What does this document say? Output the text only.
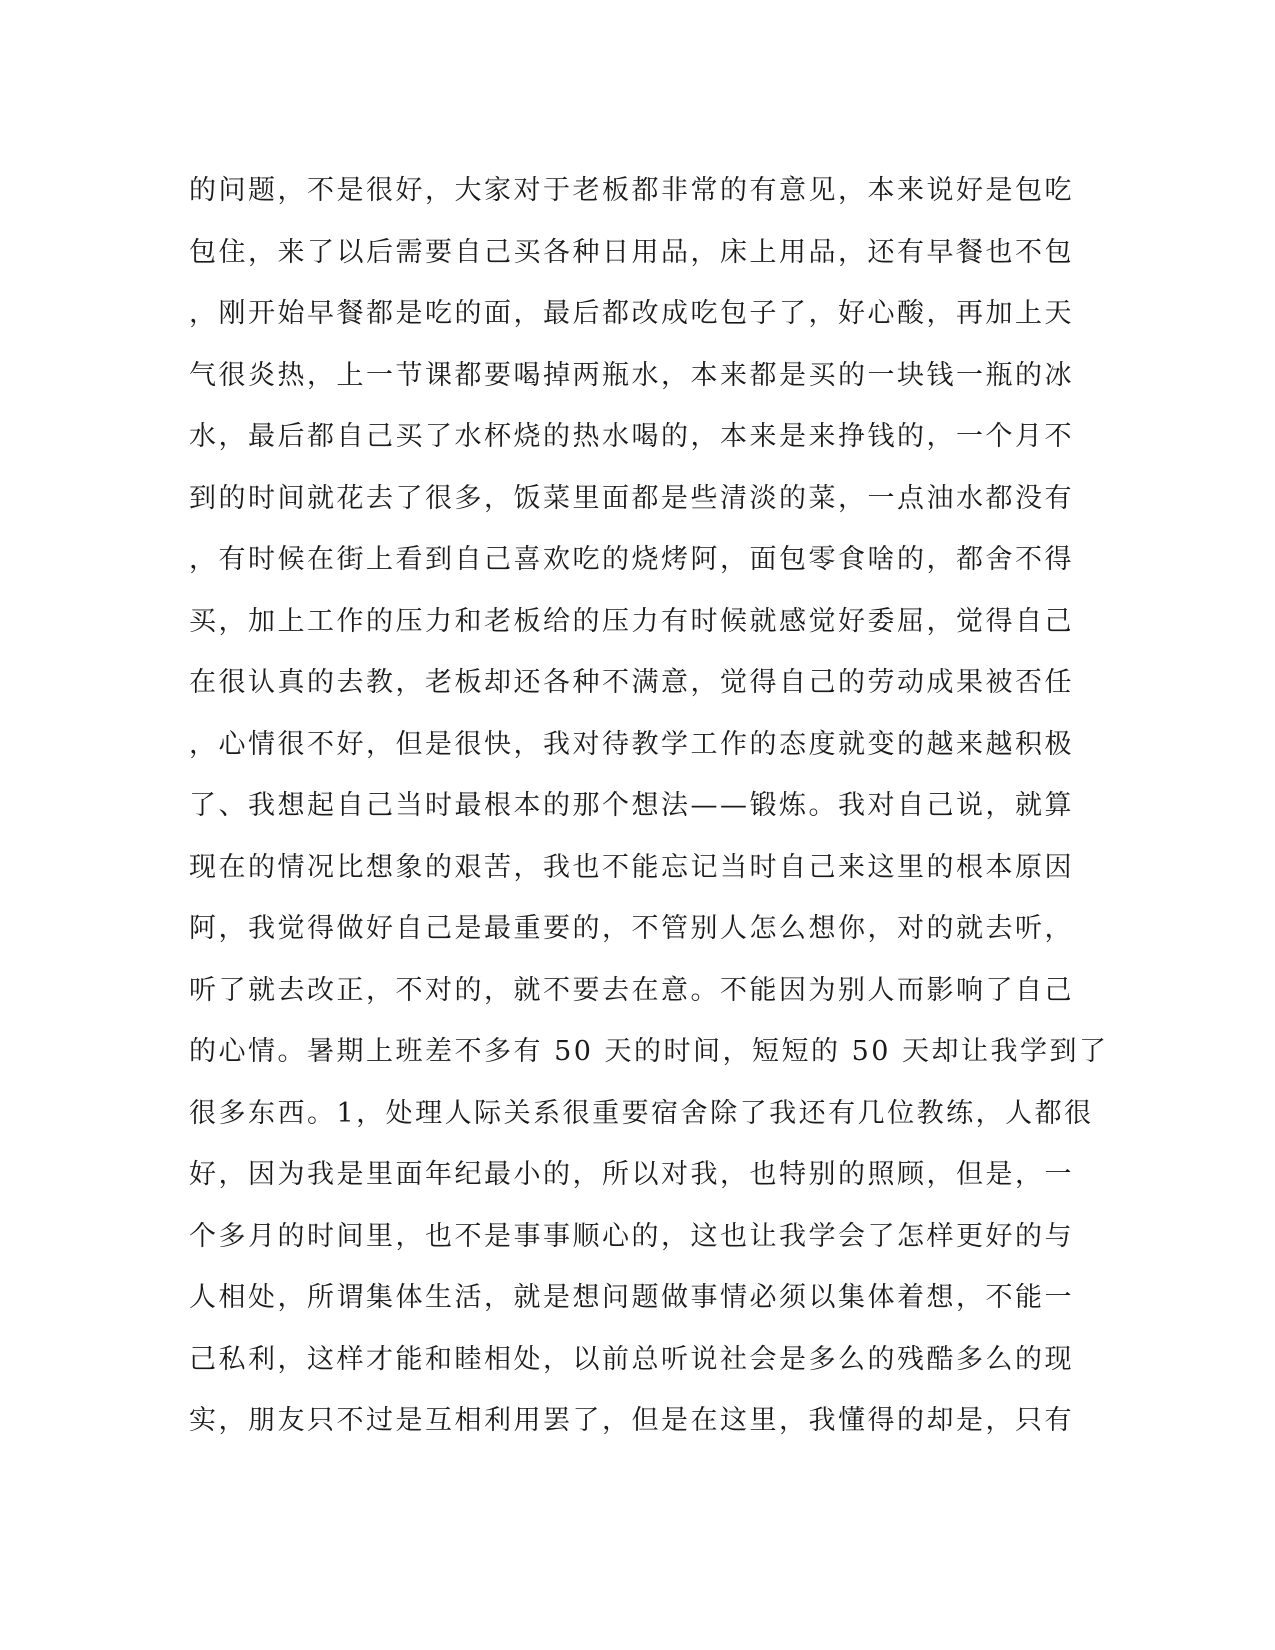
的问题，不是很好，大家对于老板都非常的有意见，本来说好是包吃
包住，来了以后需要自己买各种日用品，床上用品，还有早餐也不包
，刚开始早餐都是吃的面，最后都改成吃包子了，好心酸，再加上天
气很炎热，上一节课都要喝掉两瓶水，本来都是买的一块钱一瓶的冰
水，最后都自己买了水杯烧的热水喝的，本来是来挣钱的，一个月不
到的时间就花去了很多，饭菜里面都是些清淡的菜，一点油水都没有
，有时候在街上看到自己喜欢吃的烧烤阿，面包零食啥的，都舍不得
买，加上工作的压力和老板给的压力有时候就感觉好委屈，觉得自己
在很认真的去教，老板却还各种不满意，觉得自己的劳动成果被否任
，心情很不好，但是很快，我对待教学工作的态度就变的越来越积极
了、我想起自己当时最根本的那个想法——锻炼。我对自己说，就算
现在的情况比想象的艰苦，我也不能忘记当时自己来这里的根本原因
阿，我觉得做好自己是最重要的，不管别人怎么想你，对的就去听，
听了就去改正，不对的，就不要去在意。不能因为别人而影响了自己
的心情。暑期上班差不多有 50 天的时间，短短的 50 天却让我学到了
很多东西。1，处理人际关系很重要宿舍除了我还有几位教练，人都很
好，因为我是里面年纪最小的，所以对我，也特别的照顾，但是，一
个多月的时间里，也不是事事顺心的，这也让我学会了怎样更好的与
人相处，所谓集体生活，就是想问题做事情必须以集体着想，不能一
己私利，这样才能和睦相处，以前总听说社会是多么的残酷多么的现
实，朋友只不过是互相利用罢了，但是在这里，我懂得的却是，只有
